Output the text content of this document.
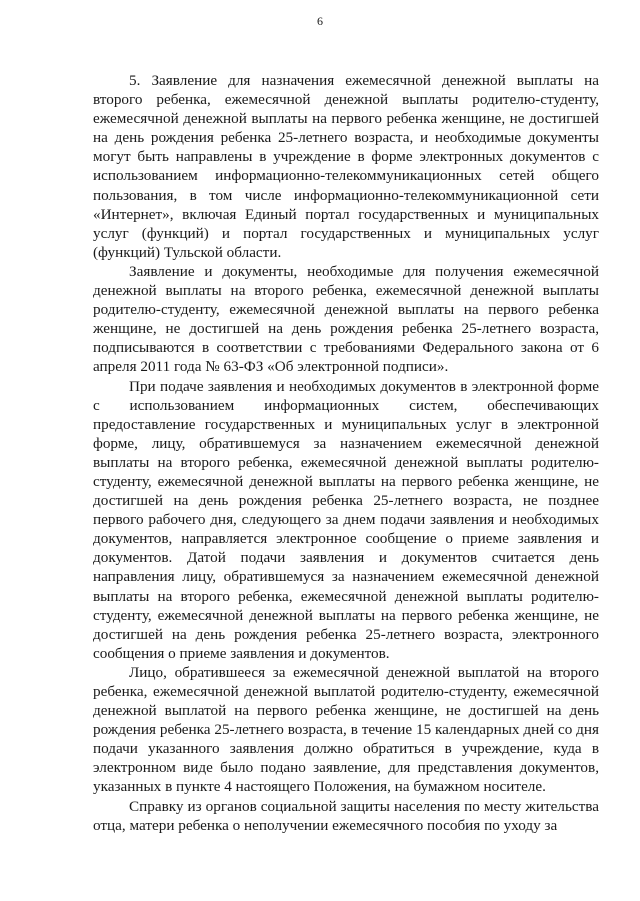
6

5. Заявление для назначения ежемесячной денежной выплаты на второго ребенка, ежемесячной денежной выплаты родителю-студенту, ежемесячной денежной выплаты на первого ребенка женщине, не достигшей на день рождения ребенка 25-летнего возраста, и необходимые документы могут быть направлены в учреждение в форме электронных документов с использованием информационно-телекоммуникационных сетей общего пользования, в том числе информационно-телекоммуникационной сети «Интернет», включая Единый портал государственных и муниципальных услуг (функций) и портал государственных и муниципальных услуг (функций) Тульской области.

Заявление и документы, необходимые для получения ежемесячной денежной выплаты на второго ребенка, ежемесячной денежной выплаты родителю-студенту, ежемесячной денежной выплаты на первого ребенка женщине, не достигшей на день рождения ребенка 25-летнего возраста, подписываются в соответствии с требованиями Федерального закона от 6 апреля 2011 года № 63-ФЗ «Об электронной подписи».

При подаче заявления и необходимых документов в электронной форме с использованием информационных систем, обеспечивающих предоставление государственных и муниципальных услуг в электронной форме, лицу, обратившемуся за назначением ежемесячной денежной выплаты на второго ребенка, ежемесячной денежной выплаты родителю-студенту, ежемесячной денежной выплаты на первого ребенка женщине, не достигшей на день рождения ребенка 25-летнего возраста, не позднее первого рабочего дня, следующего за днем подачи заявления и необходимых документов, направляется электронное сообщение о приеме заявления и документов. Датой подачи заявления и документов считается день направления лицу, обратившемуся за назначением ежемесячной денежной выплаты на второго ребенка, ежемесячной денежной выплаты родителю-студенту, ежемесячной денежной выплаты на первого ребенка женщине, не достигшей на день рождения ребенка 25-летнего возраста, электронного сообщения о приеме заявления и документов.

Лицо, обратившееся за ежемесячной денежной выплатой на второго ребенка, ежемесячной денежной выплатой родителю-студенту, ежемесячной денежной выплатой на первого ребенка женщине, не достигшей на день рождения ребенка 25-летнего возраста, в течение 15 календарных дней со дня подачи указанного заявления должно обратиться в учреждение, куда в электронном виде было подано заявление, для представления документов, указанных в пункте 4 настоящего Положения, на бумажном носителе.

Справку из органов социальной защиты населения по месту жительства отца, матери ребенка о неполучении ежемесячного пособия по уходу за
